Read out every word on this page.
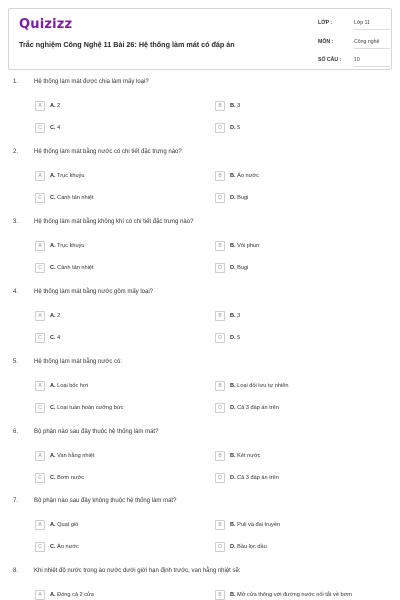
Quizizz
Trắc nghiệm Công Nghệ 11 Bài 26: Hệ thống làm mát có đáp án
LỚP :	Lớp 11
MÔN :	Công nghệ
SỐ CÂU : 10
1.	Hệ thống làm mát được chia làm mấy loại?
A	A. 2	B	B. 3
C	C. 4	D	D. 5
2.	Hệ thống làm mát bằng nước có chi tiết đặc trưng nào?
A	A. Trục khuỷu	B	B. Áo nước
C	C. Cánh tản nhiệt	D	D. Bugi
3.	Hệ thống làm mát bằng không khí có chi tiết đặc trưng nào?
A	A. Trục khuỷu	B	B. Vòi phun
C	C. Cánh tản nhiệt	D	D. Bugi
4.	Hệ thống làm mát bằng nước gồm mấy loại?
A	A. 2	B	B. 3
C	C. 4	D	D. 5
5.	Hệ thống làm mát bằng nước có:
A	A. Loại bốc hơi	B	B. Loại đối lưu tự nhiên
C	C. Loại tuần hoàn cưỡng bức	D	D. Cả 3 đáp án trên
6.	Bộ phận nào sau đây thuộc hệ thống làm mát?
A	A. Van hằng nhiệt	B	B. Két nước
C	C. Bơm nước	D	D. Cả 3 đáp án trên
7.	Bộ phận nào sau đây không thuộc hệ thống làm mát?
A	A. Quạt gió	B	B. Puli và đai truyền
C	C. Áo nước	D	D. Bầu lọc dầu
8.	Khi nhiệt độ nước trong áo nước dưới giới hạn định trước, van hằng nhiệt sẽ:
A	A. Đóng cả 2 cửa	B	B. Mở cửa thông với đường nước nối tắt về bơm
